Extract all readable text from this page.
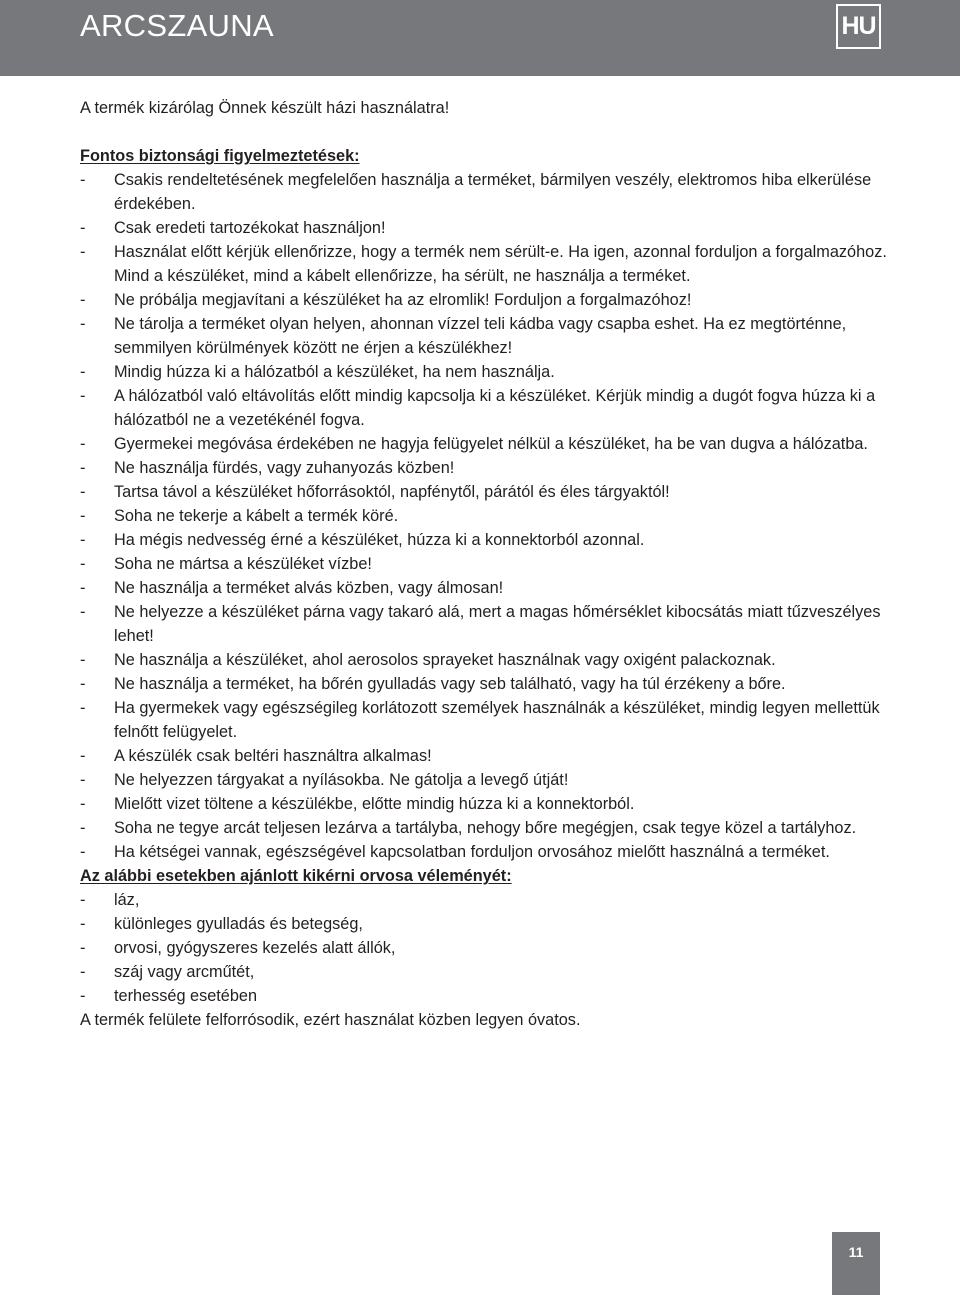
ARCSZAUNA	HU

A termék kizárólag Önnek készült házi használatra!

Fontos biztonsági figyelmeztetések:

- Csakis rendeltetésének megfelelően használja a terméket, bármilyen veszély, elektromos hiba elkerülése érdekében.
- Csak eredeti tartozékokat használjon!
- Használat előtt kérjük ellenőrizze, hogy a termék nem sérült-e. Ha igen, azonnal forduljon a forgalmazóhoz. Mind a készüléket, mind a kábelt ellenőrizze, ha sérült, ne használja a terméket.
- Ne próbálja megjavítani a készüléket ha az elromlik! Forduljon a forgalmazóhoz!
- Ne tárolja a terméket olyan helyen, ahonnan vízzel teli kádba vagy csapba eshet. Ha ez megtörténne, semmilyen körülmények között ne érjen a készülékhez!
- Mindig húzza ki a hálózatból a készüléket, ha nem használja.
- A hálózatból való eltávolítás előtt mindig kapcsolja ki a készüléket. Kérjük mindig a dugót fogva húzza ki a hálózatból ne a vezetékénél fogva.
- Gyermekei megóvása érdekében ne hagyja felügyelet nélkül a készüléket, ha be van dugva a hálózatba.
- Ne használja fürdés, vagy zuhanyozás közben!
- Tartsa távol a készüléket hőforrásoktól, napfénytől, párától és éles tárgyaktól!
- Soha ne tekerje a kábelt a termék köré.
- Ha mégis nedvesség érné a készüléket, húzza ki a konnektorból azonnal.
- Soha ne mártsa a készüléket vízbe!
- Ne használja a terméket alvás közben, vagy álmosan!
- Ne helyezze a készüléket párna vagy takaró alá, mert a magas hőmérséklet kibocsátás miatt tűzveszélyes lehet!
- Ne használja a készüléket, ahol aerosolos sprayeket használnak vagy oxigént palackoznak.
- Ne használja a terméket, ha bőrén gyulladás vagy seb található, vagy ha túl érzékeny a bőre.
- Ha gyermekek vagy egészségileg korlátozott személyek használnák a készüléket, mindig legyen mellettük felnőtt felügyelet.
- A készülék csak beltéri használtra alkalmas!
- Ne helyezzen tárgyakat a nyílásokba. Ne gátolja a levegő útját!
- Mielőtt vizet töltene a készülékbe, előtte mindig húzza ki a konnektorból.
- Soha ne tegye arcát teljesen lezárva a tartályba, nehogy bőre megégjen, csak tegye közel a tartályhoz.
- Ha kétségei vannak, egészségével kapcsolatban forduljon orvosához mielőtt használná a terméket.

Az alábbi esetekben ajánlott kikérni orvosa véleményét:

- láz,
- különleges gyulladás és betegség,
- orvosi, gyógyszeres kezelés alatt állók,
- száj vagy arcműtét,
- terhesség esetében

A termék felülete felforrósodik, ezért használat közben legyen óvatos.

11
